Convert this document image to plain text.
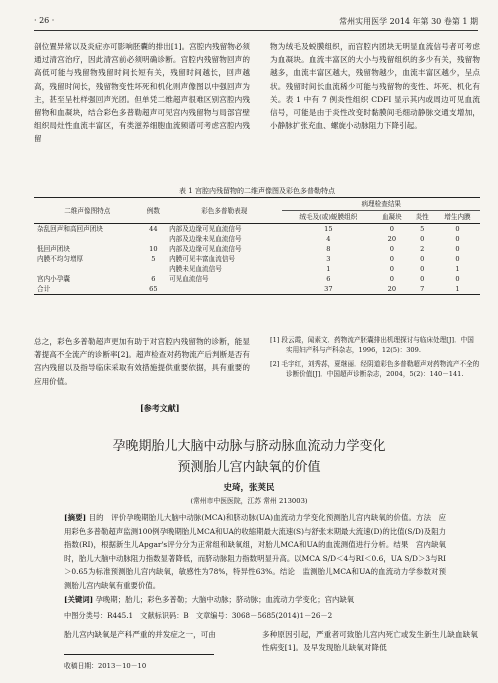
· 26 ·	常州实用医学 2014 年第 30 卷第 1 期
剖位置异常以及炎症亦可影响胚囊的排出[1]。宫腔内残留物必须通过清宫治疗，因此清宫前必须明确诊断。宫腔内残留物回声的高低可能与残留物残留时间长短有关，残留时间越长，回声越高，残留时间长，残留物变性坏死和机化则声像图以中强回声为主，甚至呈杜样强回声光团。但单凭二维超声很难区别宫腔内残留物和血凝块，结合彩色多普勒超声可见宫内残留物与局部宫壁组织局灶性血流丰富区，有类滋养细胞血流频谱可考虑宫腔内残留
物为绒毛及蜕膜组织，而宫腔内团块无明显血流信号者可考虑为血凝块。血流丰富区的大小与残留组织的多少有关，残留物越多，血流丰富区越大，残留物越少，血流丰富区越少，呈点状。残留时间长血流稀少可能与残留物的变性、坏死、机化有关。表 1 中有 7 例炎性组织 CDFI 显示其内或周边可见血流信号，可能是由于炎性改变时黏膜间毛细动静脉交通支增加，小静脉扩张充血、螺旋小动脉阻力下降引起。
表 1 宫腔内残留物的二维声像图及彩色多普勒特点
二维声像图特点	例数	彩色多普勒表现	病理检查结果			
			绒毛及(或)蜕膜组织	血凝块	炎性	增生内膜
杂乱回声和高回声团块	44	内部及边缘可见血流信号	15	0	5	0
		内部及边缘未见血流信号	4	20	0	0
低回声团块	10	内部及边缘可见血流信号	8	0	2	0
内膜不均匀增厚	5	内膜可见丰富血流信号	3	0	0	0
		内膜未见血流信号	1	0	0	1
宫内小孕囊	6	可见血流信号	6	0	0	0
合计	65		37	20	7	1
总之，彩色多普勒超声更加有助于对宫腔内残留物的诊断，能显著提高不全流产的诊断率[2]。超声检查对药物流产后判断是否有宫内残留以及指导临床采取有效措施提供重要依据，具有重要的应用价值。
[参考文献]

[1] 段云霞，闻素文．药物流产胚囊排出机理探讨与临床处理[J]．中国实用妇产科与产科杂志，1996，12(5)：309.

[2] 毛宇红，刘秀荪，夏继丽．经阴道彩色多普勒超声对药物流产不全的诊断价值[J]．中国超声诊断杂志，2004，5(2)：140－141.

孕晚期胎儿大脑中动脉与脐动脉血流动力学变化
预测胎儿宫内缺氧的价值
史琦，张荚民
(常州市中医医院，江苏 常州 213003)
[摘要] 目的　评价孕晚期胎儿大脑中动脉(MCA)和脐动脉(UA)血流动力学变化预测胎儿宫内缺氧的价值。方法　应用彩色多普勒超声监测100例孕晚期胎儿MCA和UA的收缩期最大流速(S)与舒张末期最大流速(D)的比值(S/D)及阻力指数(RI)，根据新生儿Apgar's评分分为正常组和缺氧组，对胎儿MCA和UA的血流测值进行分析。结果　宫内缺氧时，胎儿大脑中动脉阻力指数显著降低，而脐动脉阻力指数明显升高。以MCA S/D＜4与RI＜0.6，UA S/D＞3与RI＞0.65为标准预测胎儿宫内缺氧，敏感性为78%，特异性63%。结论　监测胎儿MCA和UA的血流动力学参数对预测胎儿宫内缺氧有重要价值。
[关键词] 孕晚期；胎儿；彩色多普勒；大脑中动脉；脐动脉；血流动力学变化；宫内缺氧
中图分类号：R445.1　文献标识码：B　文章编号：3068－5685(2014)1－26－2
胎儿宫内缺氧是产科严重的并发症之一，可由	多种原因引起，严重者可致胎儿宫内死亡或发生新生儿缺血缺氧性病变[1]。及早发现胎儿缺氧对降低
收稿日期：2013－10－10
